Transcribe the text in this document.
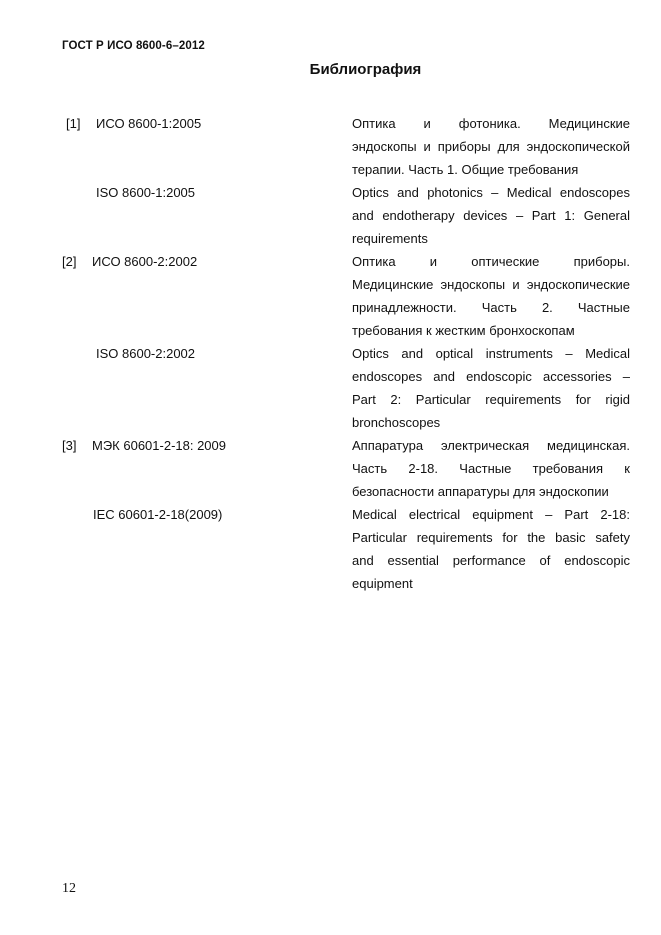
ГОСТ Р ИСО 8600-6–2012
Библиография
[1] ИСО 8600-1:2005	Оптика и фотоника. Медицинские
эндоскопы и приборы для эндоскопической
терапии. Часть 1. Общие требования
ISO 8600-1:2005	Optics and photonics – Medical endoscopes
and endotherapy devices – Part 1: General
requirements
[2] ИСО 8600-2:2002	Оптика и оптические приборы.
Медицинские эндоскопы и эндоскопические
принадлежности. Часть 2. Частные
требования к жестким бронхоскопам
ISO 8600-2:2002	Optics and optical instruments – Medical
endoscopes and endoscopic accessories –
Part 2: Particular requirements for rigid
bronchoscopes
[3] МЭК 60601-2-18: 2009	Аппаратура электрическая медицинская.
Часть 2-18. Частные требования к
безопасности аппаратуры для эндоскопии
IEC 60601-2-18(2009)	Medical electrical equipment – Part 2-18:
Particular requirements for the basic safety
and essential performance of endoscopic
equipment
12
